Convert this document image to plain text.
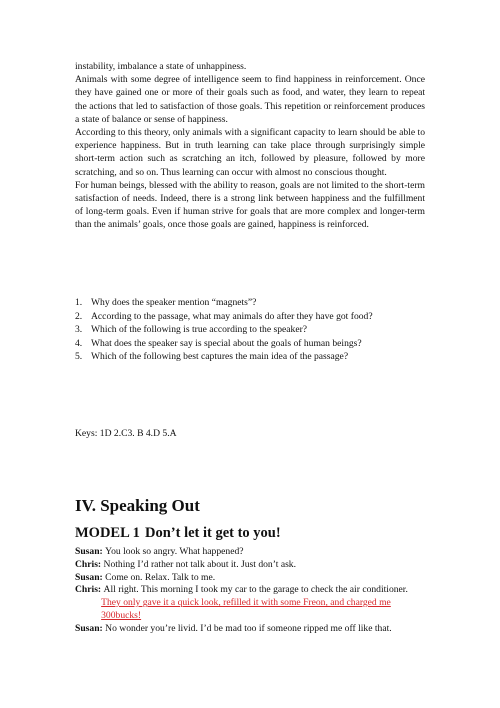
instability, imbalance a state of unhappiness.

Animals with some degree of intelligence seem to find happiness in reinforcement. Once they have gained one or more of their goals such as food, and water, they learn to repeat the actions that led to satisfaction of those goals. This repetition or reinforcement produces a state of balance or sense of happiness.

According to this theory, only animals with a significant capacity to learn should be able to experience happiness. But in truth learning can take place through surprisingly simple short-term action such as scratching an itch, followed by pleasure, followed by more scratching, and so on. Thus learning can occur with almost no conscious thought.

For human beings, blessed with the ability to reason, goals are not limited to the short-term satisfaction of needs. Indeed, there is a strong link between happiness and the fulfillment of long-term goals. Even if human strive for goals that are more complex and longer-term than the animals’ goals, once those goals are gained, happiness is reinforced.

1. Why does the speaker mention “magnets”?
2. According to the passage, what may animals do after they have got food?
3. Which of the following is true according to the speaker?
4. What does the speaker say is special about the goals of human beings?
5. Which of the following best captures the main idea of the passage?
Keys: 1D 2.C3. B 4.D 5.A
IV. Speaking Out
MODEL 1 Don’t let it get to you!
Susan: You look so angry. What happened?
Chris: Nothing I’d rather not talk about it. Just don’t ask.
Susan: Come on. Relax. Talk to me.
Chris: All right. This morning I took my car to the garage to check the air conditioner.
They only gave it a quick look, refilled it with some Freon, and charged me 300bucks!
Susan: No wonder you’re livid. I’d be mad too if someone ripped me off like that.
